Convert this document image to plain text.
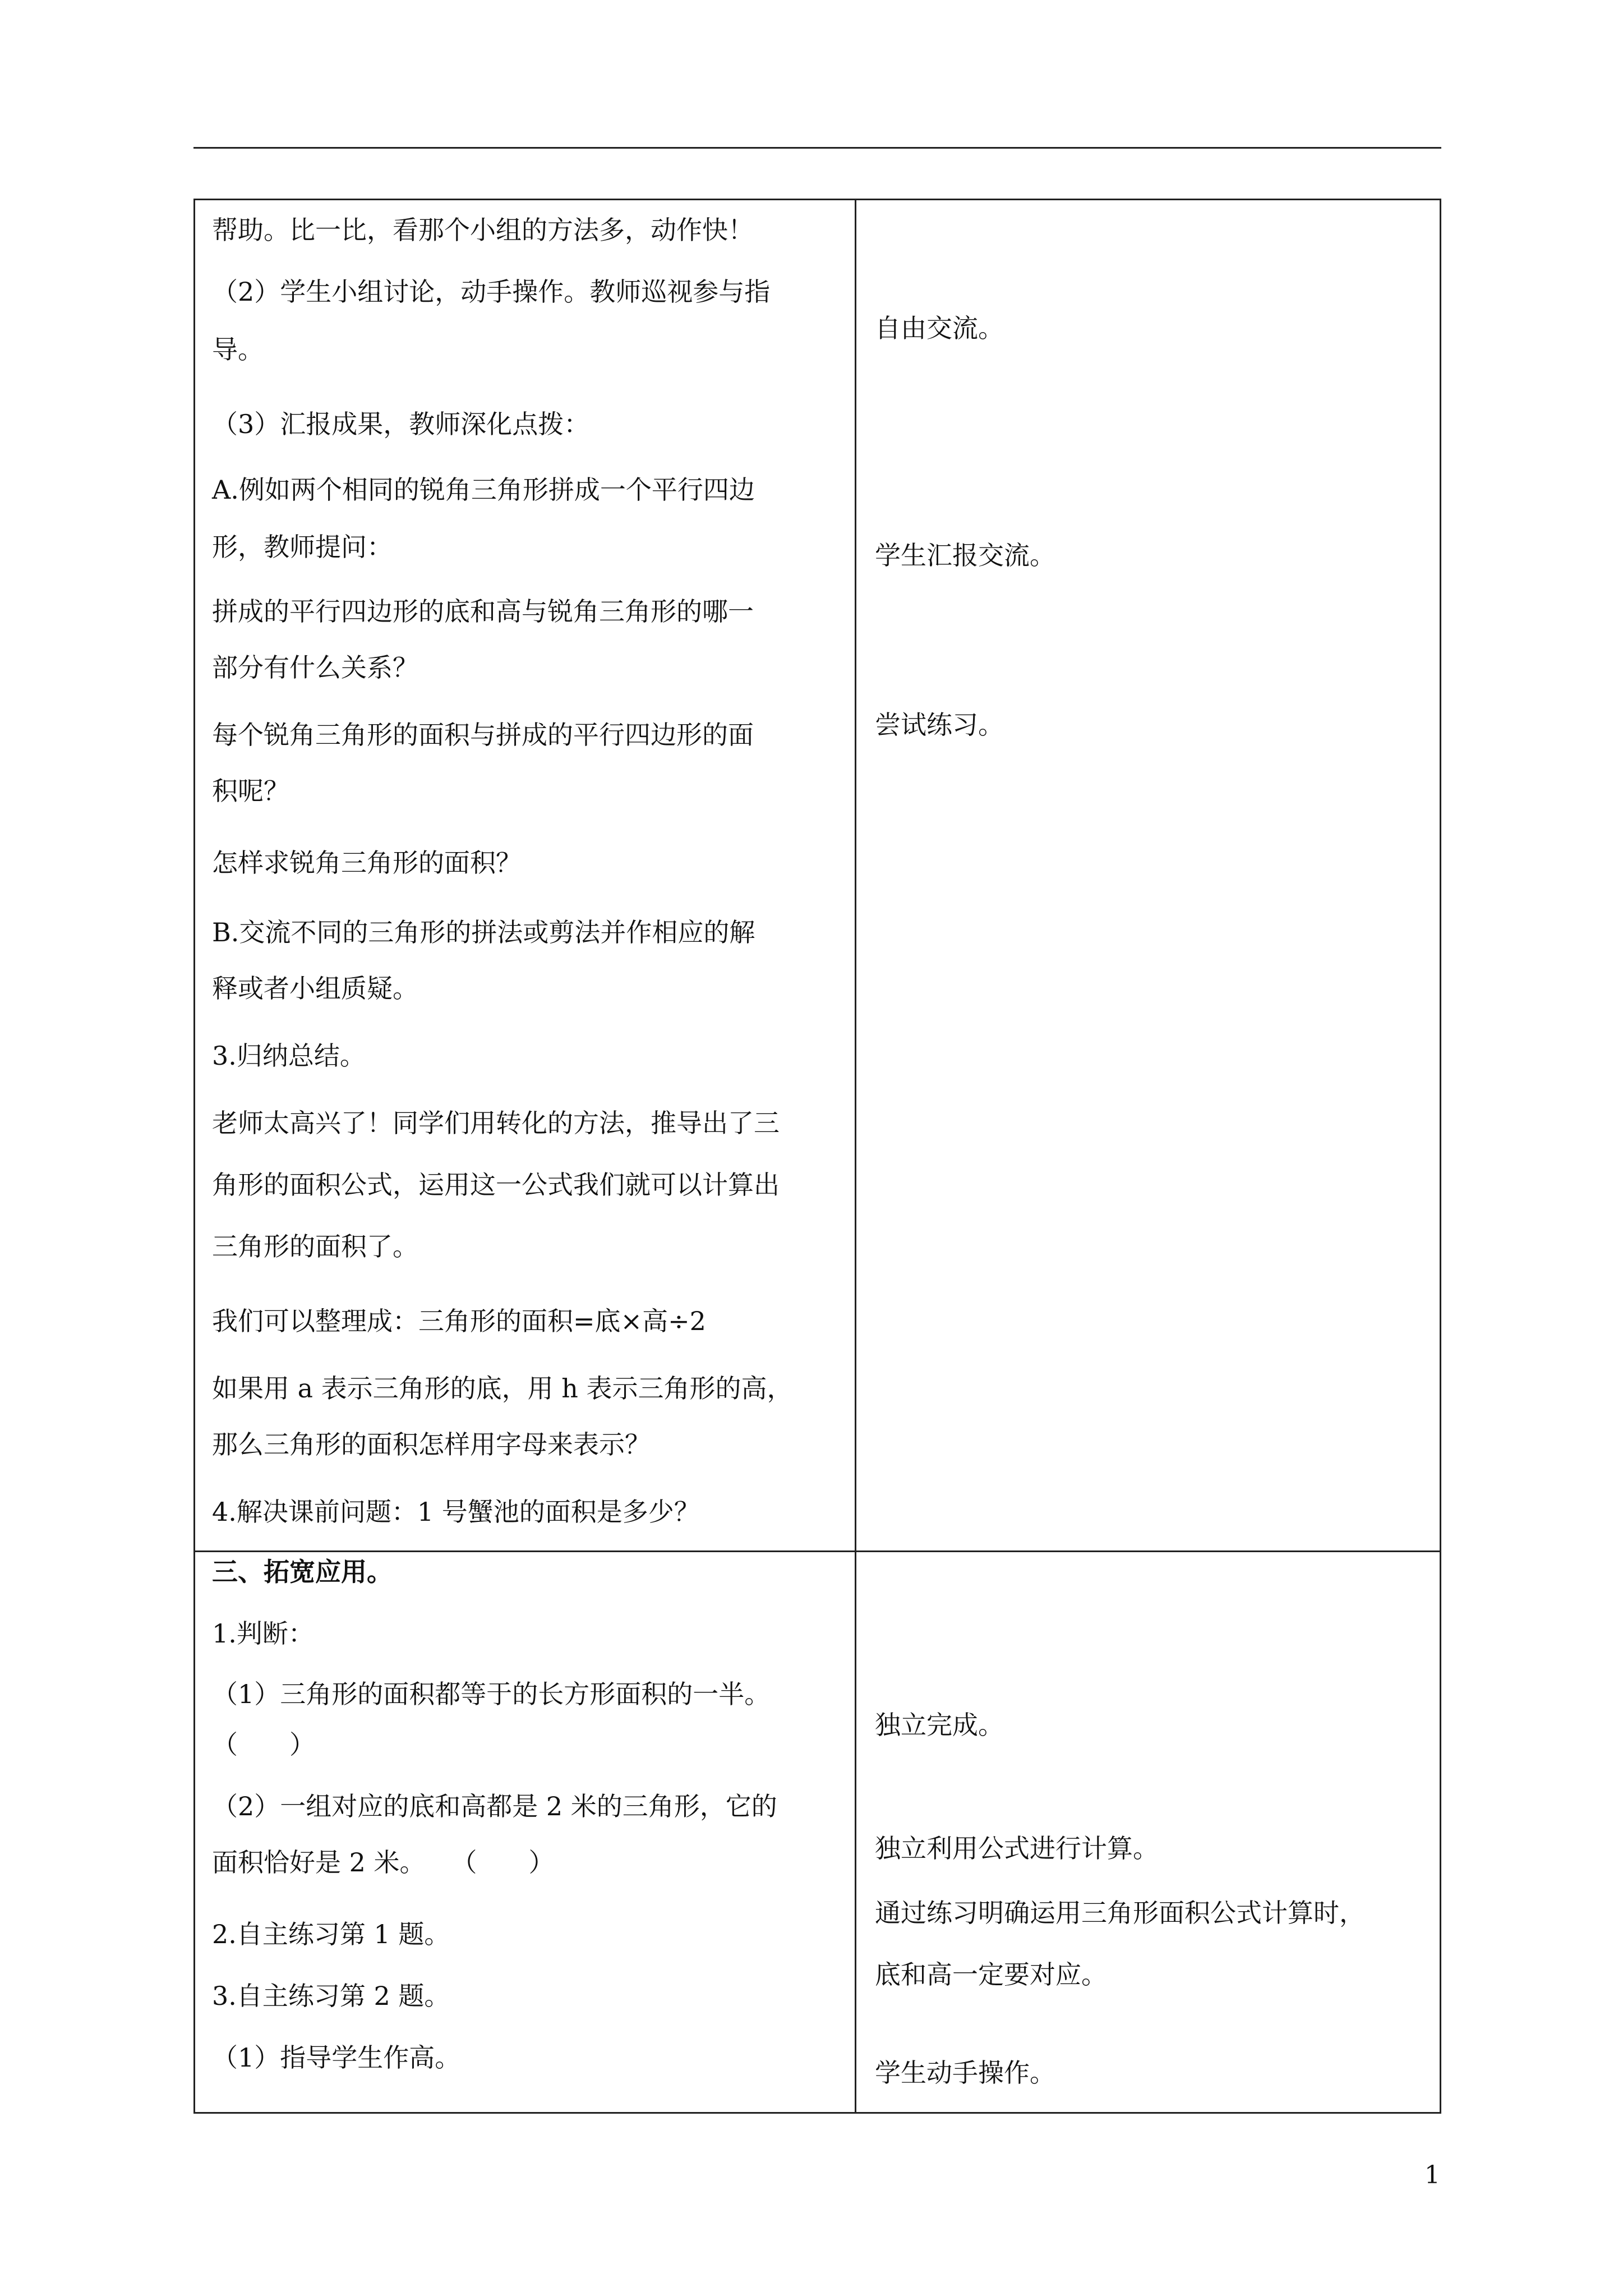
帮助。比一比，看那个小组的方法多，动作快！
（2）学生小组讨论，动手操作。教师巡视参与指
导。
（3）汇报成果，教师深化点拨：
A.例如两个相同的锐角三角形拼成一个平行四边
形，教师提问：
拼成的平行四边形的底和高与锐角三角形的哪一
部分有什么关系？
每个锐角三角形的面积与拼成的平行四边形的面
积呢？
怎样求锐角三角形的面积？
B.交流不同的三角形的拼法或剪法并作相应的解
释或者小组质疑。
3.归纳总结。
老师太高兴了！同学们用转化的方法，推导出了三
角形的面积公式，运用这一公式我们就可以计算出
三角形的面积了。
我们可以整理成：三角形的面积=底×高÷2
如果用 a 表示三角形的底，用 h 表示三角形的高，
那么三角形的面积怎样用字母来表示？
4.解决课前问题：1 号蟹池的面积是多少？
自由交流。
学生汇报交流。
尝试练习。
三、拓宽应用。
1.判断：
（1）三角形的面积都等于的长方形面积的一半。
（　　）
（2）一组对应的底和高都是 2 米的三角形，它的
面积恰好是 2 米。　　（　　）
2.自主练习第 1 题。
3.自主练习第 2 题。
（1）指导学生作高。
独立完成。
独立利用公式进行计算。
通过练习明确运用三角形面积公式计算时，
底和高一定要对应。
学生动手操作。
1
